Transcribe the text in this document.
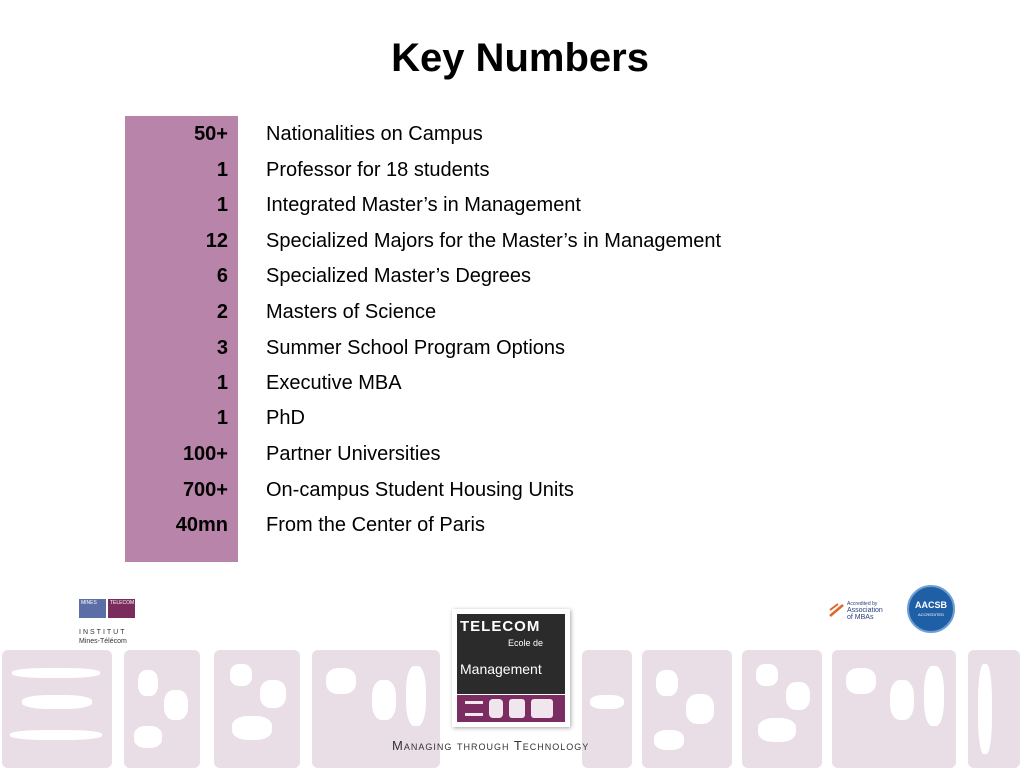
Key Numbers
50+ Nationalities on Campus
1 Professor for 18 students
1 Integrated Master’s in Management
12 Specialized Majors for the Master’s in Management
6 Specialized Master’s Degrees
2 Masters of Science
3 Summer School Program Options
1 Executive MBA
1 PhD
100+ Partner Universities
700+ On-campus Student Housing Units
40mn From the Center of Paris
MINES	TELECOM
INSTITUT
Mines-Télécom
TELECOM
Ecole de
Management
Managing through Technology
Accredited by
Association
of MBAs
AACSB
ACCREDITED
